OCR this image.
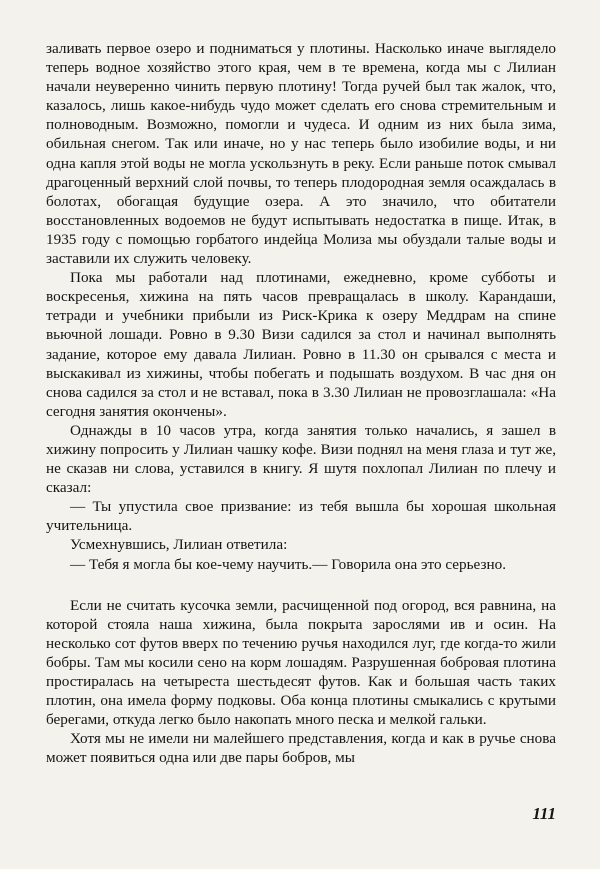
заливать первое озеро и подниматься у плотины. Насколько иначе выглядело теперь водное хозяйство этого края, чем в те времена, когда мы с Лилиан начали неуверенно чинить первую плотину! Тогда ручей был так жалок, что, казалось, лишь какое-нибудь чудо может сделать его снова стремительным и полноводным. Возможно, помогли и чудеса. И одним из них была зима, обильная снегом. Так или иначе, но у нас теперь было изобилие воды, и ни одна капля этой воды не могла ускользнуть в реку. Если раньше поток смывал драгоценный верхний слой почвы, то теперь плодородная земля осаждалась в болотах, обогащая будущие озера. А это значило, что обитатели восстановленных водоемов не будут испытывать недостатка в пище. Итак, в 1935 году с помощью горбатого индейца Молиза мы обуздали талые воды и заставили их служить человеку.

Пока мы работали над плотинами, ежедневно, кроме субботы и воскресенья, хижина на пять часов превращалась в школу. Карандаши, тетради и учебники прибыли из Риск-Крика к озеру Меддрам на спине вьючной лошади. Ровно в 9.30 Визи садился за стол и начинал выполнять задание, которое ему давала Лилиан. Ровно в 11.30 он срывался с места и выскакивал из хижины, чтобы побегать и подышать воздухом. В час дня он снова садился за стол и не вставал, пока в 3.30 Лилиан не провозглашала: «На сегодня занятия окончены».

Однажды в 10 часов утра, когда занятия только начались, я зашел в хижину попросить у Лилиан чашку кофе. Визи поднял на меня глаза и тут же, не сказав ни слова, уставился в книгу. Я шутя похлопал Лилиан по плечу и сказал:

— Ты упустила свое призвание: из тебя вышла бы хорошая школьная учительница.

Усмехнувшись, Лилиан ответила:

— Тебя я могла бы кое-чему научить.— Говорила она это серьезно.

Если не считать кусочка земли, расчищенной под огород, вся равнина, на которой стояла наша хижина, была покрыта зарослями ив и осин. На несколько сот футов вверх по течению ручья находился луг, где когда-то жили бобры. Там мы косили сено на корм лошадям. Разрушенная бобровая плотина простиралась на четыреста шестьдесят футов. Как и большая часть таких плотин, она имела форму подковы. Оба конца плотины смыкались с крутыми берегами, откуда легко было накопать много песка и мелкой гальки.

Хотя мы не имели ни малейшего представления, когда и как в ручье снова может появиться одна или две пары бобров, мы

111
